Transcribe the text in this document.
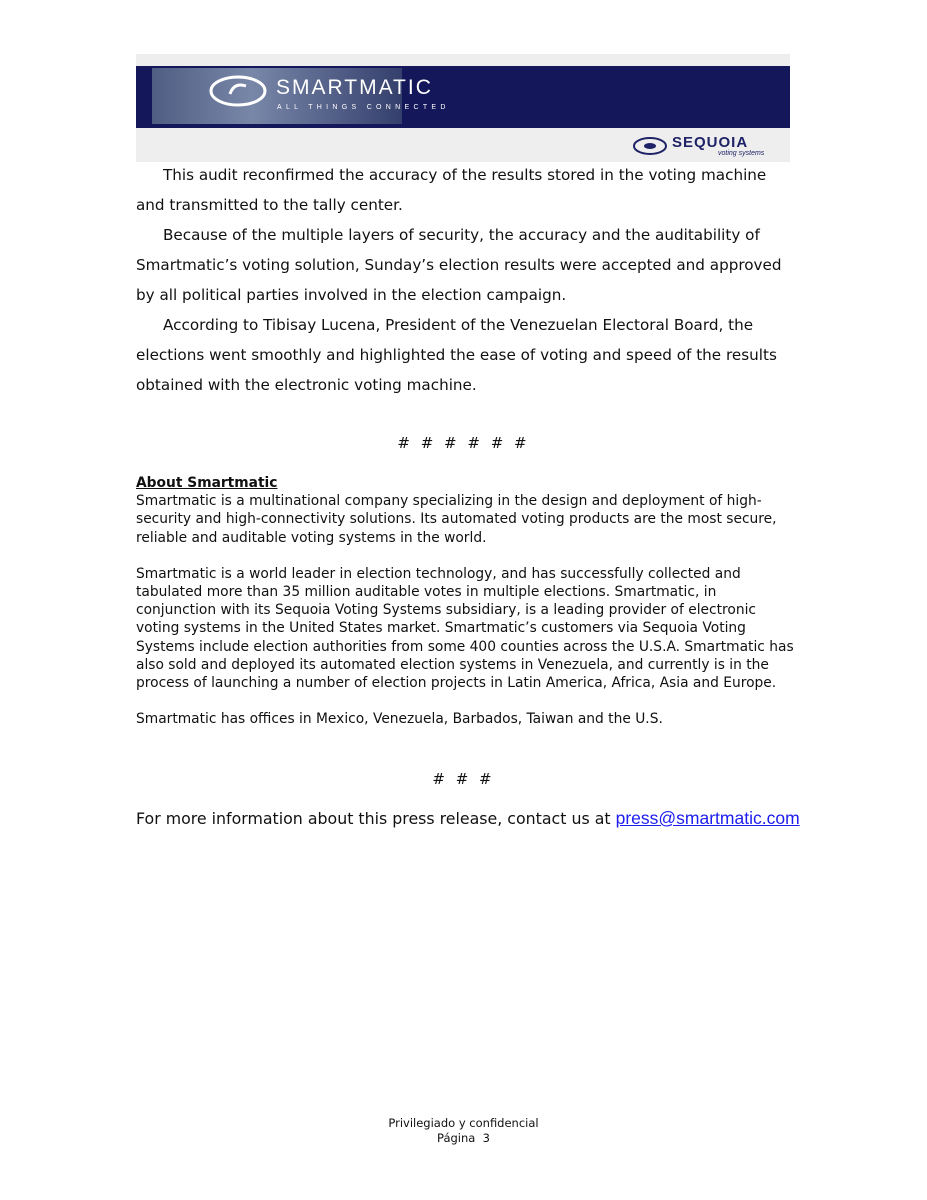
SMARTMATIC
ALL THINGS CONNECTED
SEQUOIA
voting systems

This audit reconfirmed the accuracy of the results stored in the voting machine and transmitted to the tally center.

Because of the multiple layers of security, the accuracy and the auditability of Smartmatic’s voting solution, Sunday’s election results were accepted and approved by all political parties involved in the election campaign.

According to Tibisay Lucena, President of the Venezuelan Electoral Board, the elections went smoothly and highlighted the ease of voting and speed of the results obtained with the electronic voting machine.

# # # # # #
About Smartmatic

Smartmatic is a multinational company specializing in the design and deployment of high-security and high-connectivity solutions. Its automated voting products are the most secure, reliable and auditable voting systems in the world.

Smartmatic is a world leader in election technology, and has successfully collected and tabulated more than 35 million auditable votes in multiple elections. Smartmatic, in conjunction with its Sequoia Voting Systems subsidiary, is a leading provider of electronic voting systems in the United States market. Smartmatic’s customers via Sequoia Voting Systems include election authorities from some 400 counties across the U.S.A. Smartmatic has also sold and deployed its automated election systems in Venezuela, and currently is in the process of launching a number of election projects in Latin America, Africa, Asia and Europe.

Smartmatic has offices in Mexico, Venezuela, Barbados, Taiwan and the U.S.

# # #
For more information about this press release, contact us at press@smartmatic.com
Privilegiado y confidencial
Página  3
